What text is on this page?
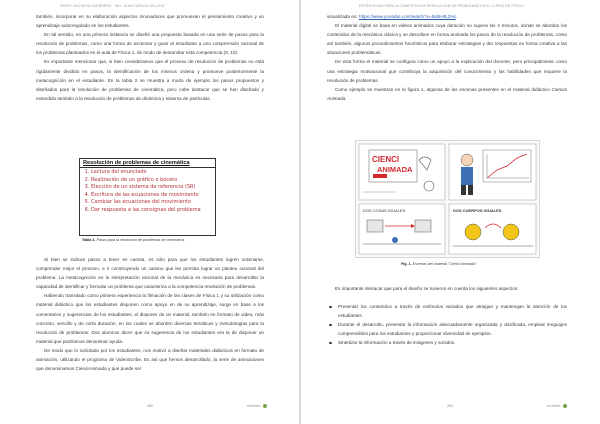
FREDY VALENCIA GUERRERO · ING. JUAN CARLOS VALLEJO

también, incorporar en su elaboración aspectos innovadores que promuevan el pensamiento creativo y un aprendizaje autorregulado en los estudiantes.

En tal sentido, en una primera instancia se diseñó una propuesta basada en una serie de pasos para la resolución de problemas, como una forma de ascensar y guiar al estudiante a una comprensión racional de los problemas planteados en el aula de Física 1, de modo de desarrollar esta competencia (9, 10).

Es importante mencionar que, si bien consideramos que el proceso de resolución de problemas no está rígidamente dividido en pasos, la identificación de los mismos ordena y promueve posteriormente la metacognición en el estudiante. En la tabla 2 se muestra a modo de ejemplo los pasos propuestos y diseñados para la resolución de problemas de cinemática, pero cabe destacar que se han diseñado y extendido también a la resolución de problemas de dinámica y sistema de partículas.

Resolución de problemas de cinemática
1. Lectura del enunciado
2. Realización de un gráfico o boceto
3. Elección de un sistema de referencia (SR)
4. Escritura de las ecuaciones de movimiento
5. Cambiar las ecuaciones del movimiento
6. Dar respuesta a las consignas del problema
Tabla 2. Pasos para la resolución de problemas de cinemática.

Si bien se indican pasos a tener en cuenta, es sólo para que los estudiantes logren ordenarse, comprender mejor el proceso, e ir construyendo un camino que les permita lograr un planteo racional del problema. La metacognición en la interpretación racional de la mecánica es necesaria para desarrollar la capacidad de identificar y formular un problema que caracteriza a la competencia resolución de problemas.

Habiendo transitado como primera experiencia la filmación de las clases de Física 1 y su utilización como material didáctico que los estudiantes disponen como apoyo en de su aprendizaje, surge en base a los comentarios y sugerencias de los estudiantes, el disponer de un material, también en formato de video, más concreto, sencillo y de corta duración, en los cuales se aborden diversas temáticas y metodologías para la resolución de problemas. Dos alumnos dicen que su sugerencia de los estudiantes era la de disponer un material que podríamos denominar ayuda.

De modo que lo solicitado por los estudiantes, nos motivó a diseñar materiales didácticos en formato de animación, utilizando el programa de VideoScribe. Es así que hemos desarrollado, la serie de animaciones que denominamos CienciAnimada y que puede ser

282	ev/Index
ESTRATEGIAS PARA LA COMPETENCIA RESOLUCIÓN DE PROBLEMAS EN EL CURSO DE FÍSICA I

visualizada en: https://www.youtube.com/watch?v=8sbIHtLZAk.

El material digital se basa en videos animados cuya duración no supera los 4 minutos, donde se abordan los contenidos de la mecánica clásica y se describen en forma animada los pasos de la resolución de problemas, como así también, algunos procedimientos heurísticos para elaborar estrategias y dar respuestas en forma creativa a las situaciones problemáticas.

De esta forma el material se configura como un apoyo a la explicación del docente, pero principalmente como una estrategia motivacional que contribuya la adquisición del conocimiento y las habilidades que requiere la resolución de problemas.

Como ejemplo se muestran en la figura 1, algunas de las escenas presentes en el material didáctico Ciencia Animada.

CIENCI
ANIMADA
DOS COSAS IGUALES	DOS CUERPOS IGUALES
Fig. 1. Escenas del material "Cienci Animada".

Es importante destacar que para el diseño se tuvieron en cuenta los siguientes aspectos:

Presentar los contenidos a través de estímulos variados que atraigan y mantengan la atención de los estudiantes.
Durante el desarrollo, presentar la información adecuadamente organizada y dosificada, emplear lenguajes comprensibles para los estudiantes y proporcionar diversidad de ejemplos.
Sintetizar la información a través de imágenes y sonidos.
283	ev/Index
